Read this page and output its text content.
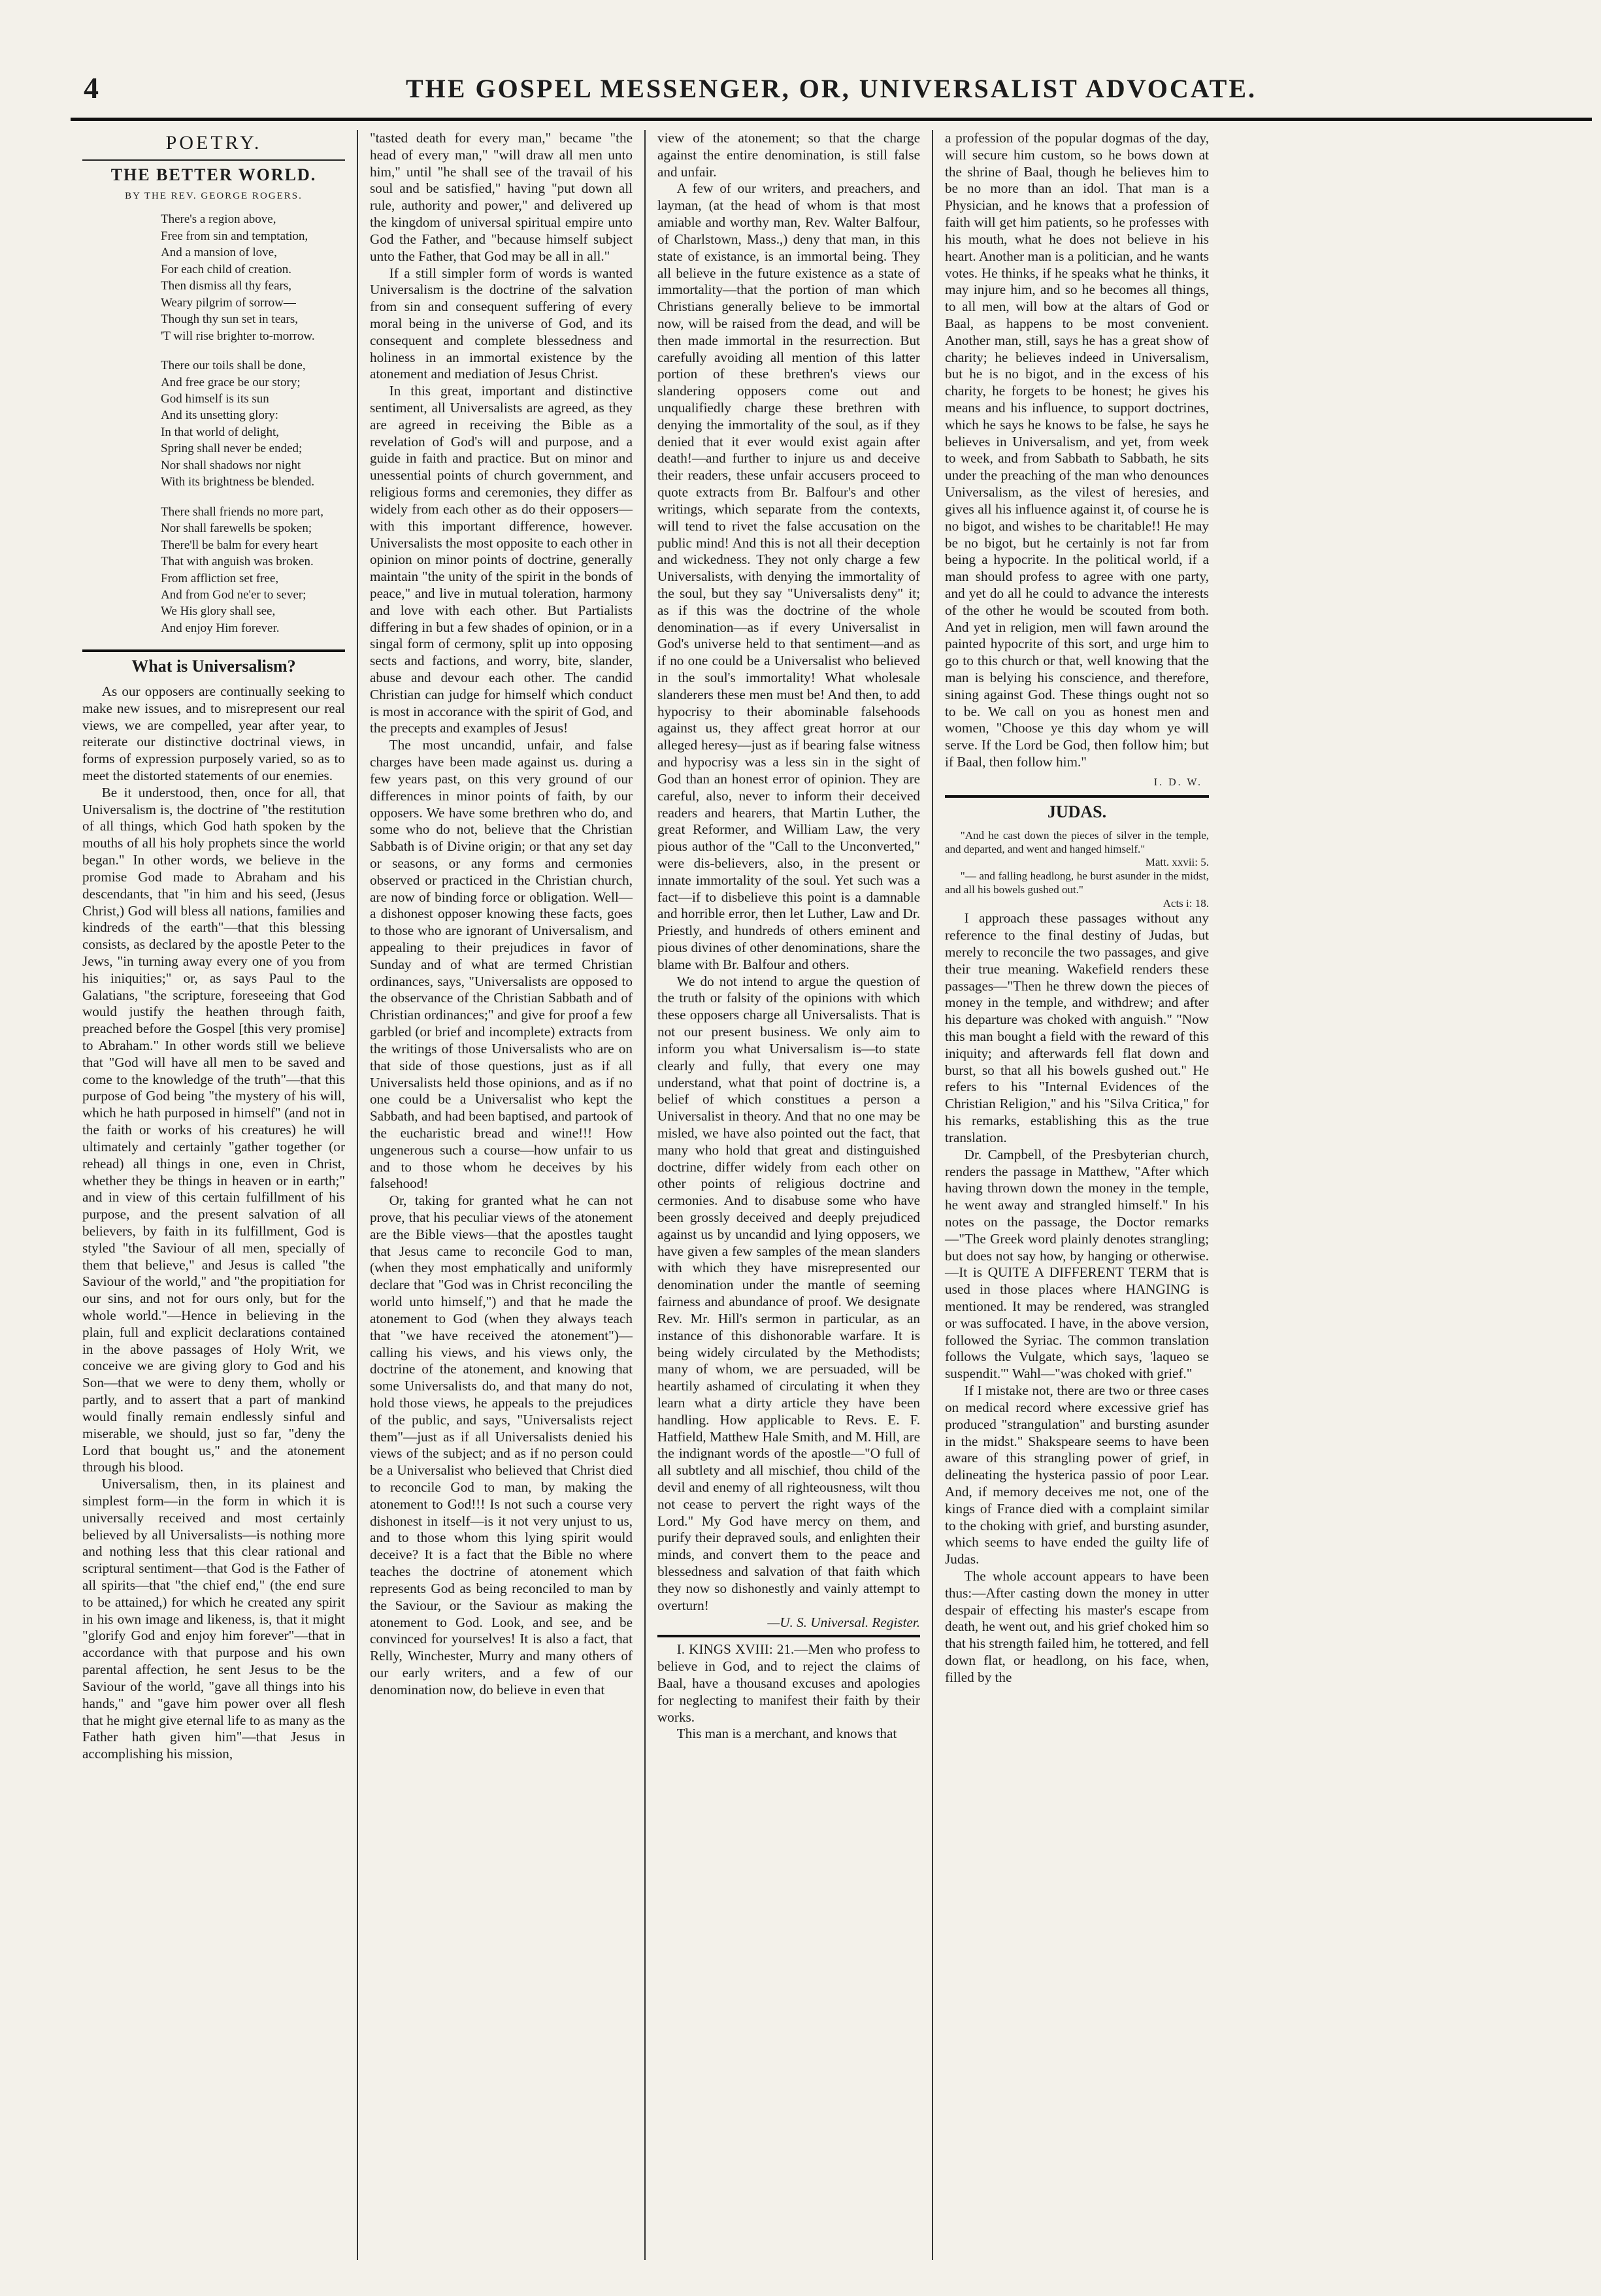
4	THE GOSPEL MESSENGER, OR, UNIVERSALIST ADVOCATE.
POETRY.
THE BETTER WORLD.
BY THE REV. GEORGE ROGERS.
There's a region above,
Free from sin and temptation,
And a mansion of love,
For each child of creation.
Then dismiss all thy fears,
Weary pilgrim of sorrow—
Though thy sun set in tears,
'T will rise brighter to-morrow.
There our toils shall be done,
And free grace be our story;
God himself is its sun
And its unsetting glory:
In that world of delight,
Spring shall never be ended;
Nor shall shadows nor night
With its brightness be blended.
There shall friends no more part,
Nor shall farewells be spoken;
There'll be balm for every heart
That with anguish was broken.
From affliction set free,
And from God ne'er to sever;
We His glory shall see,
And enjoy Him forever.
What is Universalism?

As our opposers are continually seeking to make new issues, and to misrepresent our real views, we are compelled, year after year, to reiterate our distinctive doctrinal views, in forms of expression purposely varied, so as to meet the distorted statements of our enemies.

Be it understood, then, once for all, that Universalism is, the doctrine of "the restitution of all things, which God hath spoken by the mouths of all his holy prophets since the world began." In other words, we believe in the promise God made to Abraham and his descendants, that "in him and his seed, (Jesus Christ,) God will bless all nations, families and kindreds of the earth"—that this blessing consists, as declared by the apostle Peter to the Jews, "in turning away every one of you from his iniquities;" or, as says Paul to the Galatians, "the scripture, foreseeing that God would justify the heathen through faith, preached before the Gospel [this very promise] to Abraham." In other words still we believe that "God will have all men to be saved and come to the knowledge of the truth"—that this purpose of God being "the mystery of his will, which he hath purposed in himself" (and not in the faith or works of his creatures) he will ultimately and certainly "gather together (or rehead) all things in one, even in Christ, whether they be things in heaven or in earth;" and in view of this certain fulfillment of his purpose, and the present salvation of all believers, by faith in its fulfillment, God is styled "the Saviour of all men, specially of them that believe," and Jesus is called "the Saviour of the world," and "the propitiation for our sins, and not for ours only, but for the whole world."—Hence in believing in the plain, full and explicit declarations contained in the above passages of Holy Writ, we conceive we are giving glory to God and his Son—that we were to deny them, wholly or partly, and to assert that a part of mankind would finally remain endlessly sinful and miserable, we should, just so far, "deny the Lord that bought us," and the atonement through his blood.

Universalism, then, in its plainest and simplest form—in the form in which it is universally received and most certainly believed by all Universalists—is nothing more and nothing less that this clear rational and scriptural sentiment—that God is the Father of all spirits—that "the chief end," (the end sure to be attained,) for which he created any spirit in his own image and likeness, is, that it might "glorify God and enjoy him forever"—that in accordance with that purpose and his own parental affection, he sent Jesus to be the Saviour of the world, "gave all things into his hands," and "gave him power over all flesh that he might give eternal life to as many as the Father hath given him"—that Jesus in accomplishing his mission,

"tasted death for every man," became "the head of every man," "will draw all men unto him," until "he shall see of the travail of his soul and be satisfied," having "put down all rule, authority and power," and delivered up the kingdom of universal spiritual empire unto God the Father, and "because himself subject unto the Father, that God may be all in all."

If a still simpler form of words is wanted Universalism is the doctrine of the salvation from sin and consequent suffering of every moral being in the universe of God, and its consequent and complete blessedness and holiness in an immortal existence by the atonement and mediation of Jesus Christ.

In this great, important and distinctive sentiment, all Universalists are agreed, as they are agreed in receiving the Bible as a revelation of God's will and purpose, and a guide in faith and practice. But on minor and unessential points of church government, and religious forms and ceremonies, they differ as widely from each other as do their opposers—with this important difference, however. Universalists the most opposite to each other in opinion on minor points of doctrine, generally maintain "the unity of the spirit in the bonds of peace," and live in mutual toleration, harmony and love with each other. But Partialists differing in but a few shades of opinion, or in a singal form of cermony, split up into opposing sects and factions, and worry, bite, slander, abuse and devour each other. The candid Christian can judge for himself which conduct is most in accorance with the spirit of God, and the precepts and examples of Jesus!

The most uncandid, unfair, and false charges have been made against us. during a few years past, on this very ground of our differences in minor points of faith, by our opposers. We have some brethren who do, and some who do not, believe that the Christian Sabbath is of Divine origin; or that any set day or seasons, or any forms and cermonies observed or practiced in the Christian church, are now of binding force or obligation. Well—a dishonest opposer knowing these facts, goes to those who are ignorant of Universalism, and appealing to their prejudices in favor of Sunday and of what are termed Christian ordinances, says, "Universalists are opposed to the observance of the Christian Sabbath and of Christian ordinances;" and give for proof a few garbled (or brief and incomplete) extracts from the writings of those Universalists who are on that side of those questions, just as if all Universalists held those opinions, and as if no one could be a Universalist who kept the Sabbath, and had been baptised, and partook of the eucharistic bread and wine!!! How ungenerous such a course—how unfair to us and to those whom he deceives by his falsehood!

Or, taking for granted what he can not prove, that his peculiar views of the atonement are the Bible views—that the apostles taught that Jesus came to reconcile God to man, (when they most emphatically and uniformly declare that "God was in Christ reconciling the world unto himself,") and that he made the atonement to God (when they always teach that "we have received the atonement")—calling his views, and his views only, the doctrine of the atonement, and knowing that some Universalists do, and that many do not, hold those views, he appeals to the prejudices of the public, and says, "Universalists reject them"—just as if all Universalists denied his views of the subject; and as if no person could be a Universalist who believed that Christ died to reconcile God to man, by making the atonement to God!!! Is not such a course very dishonest in itself—is it not very unjust to us, and to those whom this lying spirit would deceive? It is a fact that the Bible no where teaches the doctrine of atonement which represents God as being reconciled to man by the Saviour, or the Saviour as making the atonement to God. Look, and see, and be convinced for yourselves! It is also a fact, that Relly, Winchester, Murry and many others of our early writers, and a few of our denomination now, do believe in even that

view of the atonement; so that the charge against the entire denomination, is still false and unfair.

A few of our writers, and preachers, and layman, (at the head of whom is that most amiable and worthy man, Rev. Walter Balfour, of Charlstown, Mass.,) deny that man, in this state of existance, is an immortal being. They all believe in the future existence as a state of immortality—that the portion of man which Christians generally believe to be immortal now, will be raised from the dead, and will be then made immortal in the resurrection. But carefully avoiding all mention of this latter portion of these brethren's views our slandering opposers come out and unqualifiedly charge these brethren with denying the immortality of the soul, as if they denied that it ever would exist again after death!—and further to injure us and deceive their readers, these unfair accusers proceed to quote extracts from Br. Balfour's and other writings, which separate from the contexts, will tend to rivet the false accusation on the public mind! And this is not all their deception and wickedness. They not only charge a few Universalists, with denying the immortality of the soul, but they say "Universalists deny" it; as if this was the doctrine of the whole denomination—as if every Universalist in God's universe held to that sentiment—and as if no one could be a Universalist who believed in the soul's immortality! What wholesale slanderers these men must be! And then, to add hypocrisy to their abominable falsehoods against us, they affect great horror at our alleged heresy—just as if bearing false witness and hypocrisy was a less sin in the sight of God than an honest error of opinion. They are careful, also, never to inform their deceived readers and hearers, that Martin Luther, the great Reformer, and William Law, the very pious author of the "Call to the Unconverted," were dis-believers, also, in the present or innate immortality of the soul. Yet such was a fact—if to disbelieve this point is a damnable and horrible error, then let Luther, Law and Dr. Priestly, and hundreds of others eminent and pious divines of other denominations, share the blame with Br. Balfour and others.

We do not intend to argue the question of the truth or falsity of the opinions with which these opposers charge all Universalists. That is not our present business. We only aim to inform you what Universalism is—to state clearly and fully, that every one may understand, what that point of doctrine is, a belief of which constitues a person a Universalist in theory. And that no one may be misled, we have also pointed out the fact, that many who hold that great and distinguished doctrine, differ widely from each other on other points of religious doctrine and cermonies. And to disabuse some who have been grossly deceived and deeply prejudiced against us by uncandid and lying opposers, we have given a few samples of the mean slanders with which they have misrepresented our denomination under the mantle of seeming fairness and abundance of proof. We designate Rev. Mr. Hill's sermon in particular, as an instance of this dishonorable warfare. It is being widely circulated by the Methodists; many of whom, we are persuaded, will be heartily ashamed of circulating it when they learn what a dirty article they have been handling. How applicable to Revs. E. F. Hatfield, Matthew Hale Smith, and M. Hill, are the indignant words of the apostle—"O full of all subtlety and all mischief, thou child of the devil and enemy of all righteousness, wilt thou not cease to pervert the right ways of the Lord." My God have mercy on them, and purify their depraved souls, and enlighten their minds, and convert them to the peace and blessedness and salvation of that faith which they now so dishonestly and vainly attempt to overturn!

—U. S. Universal. Register.

I. KINGS XVIII: 21.—Men who profess to believe in God, and to reject the claims of Baal, have a thousand excuses and apologies for neglecting to manifest their faith by their works.

This man is a merchant, and knows that

a profession of the popular dogmas of the day, will secure him custom, so he bows down at the shrine of Baal, though he believes him to be no more than an idol. That man is a Physician, and he knows that a profession of faith will get him patients, so he professes with his mouth, what he does not believe in his heart. Another man is a politician, and he wants votes. He thinks, if he speaks what he thinks, it may injure him, and so he becomes all things, to all men, will bow at the altars of God or Baal, as happens to be most convenient. Another man, still, says he has a great show of charity; he believes indeed in Universalism, but he is no bigot, and in the excess of his charity, he forgets to be honest; he gives his means and his influence, to support doctrines, which he says he knows to be false, he says he believes in Universalism, and yet, from week to week, and from Sabbath to Sabbath, he sits under the preaching of the man who denounces Universalism, as the vilest of heresies, and gives all his influence against it, of course he is no bigot, and wishes to be charitable!! He may be no bigot, but he certainly is not far from being a hypocrite. In the political world, if a man should profess to agree with one party, and yet do all he could to advance the interests of the other he would be scouted from both. And yet in religion, men will fawn around the painted hypocrite of this sort, and urge him to go to this church or that, well knowing that the man is belying his conscience, and therefore, sining against God. These things ought not so to be. We call on you as honest men and women, "Choose ye this day whom ye will serve. If the Lord be God, then follow him; but if Baal, then follow him."

I. D. W.
JUDAS.

"And he cast down the pieces of silver in the temple, and departed, and went and hanged himself."

Matt. xxvii: 5.

"— and falling headlong, he burst asunder in the midst, and all his bowels gushed out."

Acts i: 18.

I approach these passages without any reference to the final destiny of Judas, but merely to reconcile the two passages, and give their true meaning. Wakefield renders these passages—"Then he threw down the pieces of money in the temple, and withdrew; and after his departure was choked with anguish." "Now this man bought a field with the reward of this iniquity; and afterwards fell flat down and burst, so that all his bowels gushed out." He refers to his "Internal Evidences of the Christian Religion," and his "Silva Critica," for his remarks, establishing this as the true translation.

Dr. Campbell, of the Presbyterian church, renders the passage in Matthew, "After which having thrown down the money in the temple, he went away and strangled himself." In his notes on the passage, the Doctor remarks—"The Greek word plainly denotes strangling; but does not say how, by hanging or otherwise.—It is QUITE A DIFFERENT TERM that is used in those places where HANGING is mentioned. It may be rendered, was strangled or was suffocated. I have, in the above version, followed the Syriac. The common translation follows the Vulgate, which says, 'laqueo se suspendit.'" Wahl—"was choked with grief."

If I mistake not, there are two or three cases on medical record where excessive grief has produced "strangulation" and bursting asunder in the midst." Shakspeare seems to have been aware of this strangling power of grief, in delineating the hysterica passio of poor Lear. And, if memory deceives me not, one of the kings of France died with a complaint similar to the choking with grief, and bursting asunder, which seems to have ended the guilty life of Judas.

The whole account appears to have been thus:—After casting down the money in utter despair of effecting his master's escape from death, he went out, and his grief choked him so that his strength failed him, he tottered, and fell down flat, or headlong, on his face, when, filled by the
